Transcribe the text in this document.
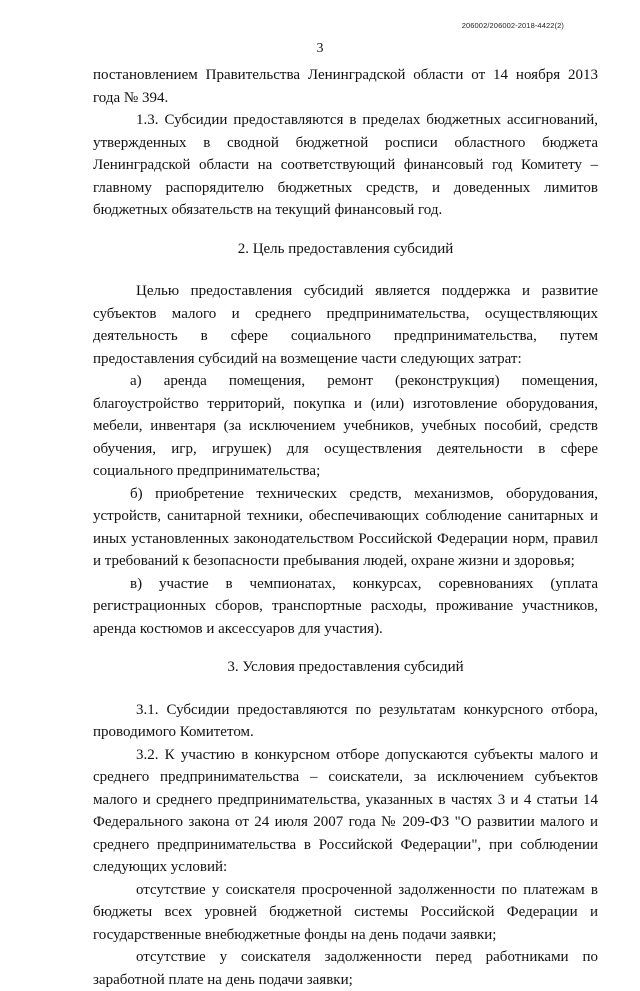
206002/206002-2018-4422(2)
3

постановлением Правительства Ленинградской области от 14 ноября 2013 года № 394.

1.3. Субсидии предоставляются в пределах бюджетных ассигнований, утвержденных в сводной бюджетной росписи областного бюджета Ленинградской области на соответствующий финансовый год Комитету – главному распорядителю бюджетных средств, и доведенных лимитов бюджетных обязательств на текущий финансовый год.

2. Цель предоставления субсидий

Целью предоставления субсидий является поддержка и развитие субъектов малого и среднего предпринимательства, осуществляющих деятельность в сфере социального предпринимательства, путем предоставления субсидий на возмещение части следующих затрат:

а) аренда помещения, ремонт (реконструкция) помещения, благоустройство территорий, покупка и (или) изготовление оборудования, мебели, инвентаря (за исключением учебников, учебных пособий, средств обучения, игр, игрушек) для осуществления деятельности в сфере социального предпринимательства;

б) приобретение технических средств, механизмов, оборудования, устройств, санитарной техники, обеспечивающих соблюдение санитарных и иных установленных законодательством Российской Федерации норм, правил и требований к безопасности пребывания людей, охране жизни и здоровья;

в) участие в чемпионатах, конкурсах, соревнованиях (уплата регистрационных сборов, транспортные расходы, проживание участников, аренда костюмов и аксессуаров для участия).

3. Условия предоставления субсидий

3.1. Субсидии предоставляются по результатам конкурсного отбора, проводимого Комитетом.

3.2. К участию в конкурсном отборе допускаются субъекты малого и среднего предпринимательства – соискатели, за исключением субъектов малого и среднего предпринимательства, указанных в частях 3 и 4 статьи 14 Федерального закона от 24 июля 2007 года № 209-ФЗ "О развитии малого и среднего предпринимательства в Российской Федерации", при соблюдении следующих условий:

отсутствие у соискателя просроченной задолженности по платежам в бюджеты всех уровней бюджетной системы Российской Федерации и государственные внебюджетные фонды на день подачи заявки;

отсутствие у соискателя задолженности перед работниками по заработной плате на день подачи заявки;
